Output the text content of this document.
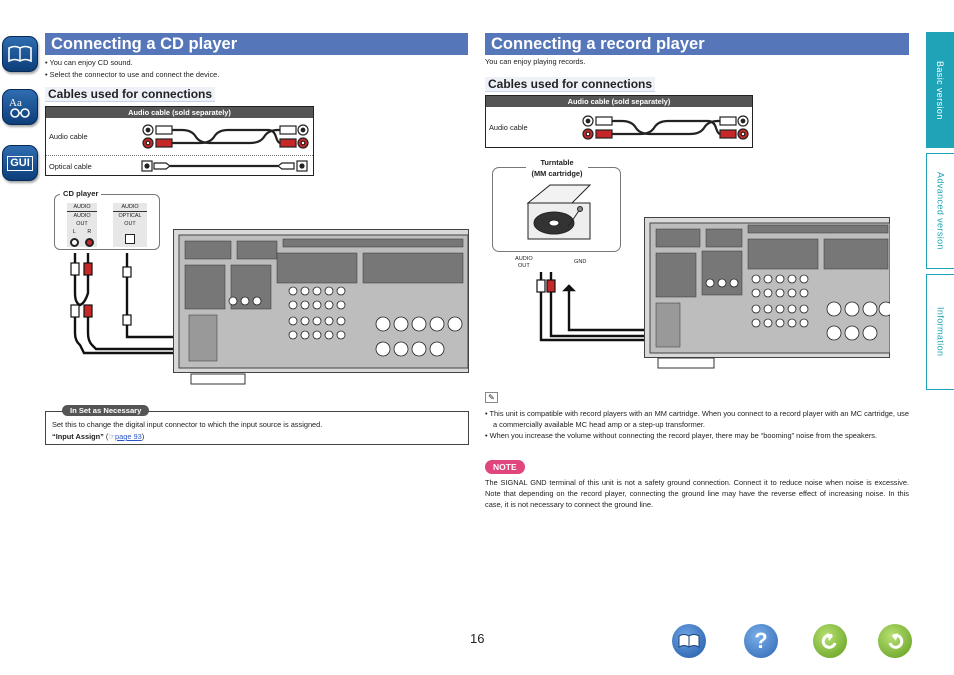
Aa
GUI
Basic version
Advanced version
Information
Connecting a CD player
• You can enjoy CD sound.
• Select the connector to use and connect the device.
Cables used for connections
Audio cable (sold separately)
Audio cable
Optical cable
CD player
AUDIO
AUDIO
OUT
L R
AUDIO
OPTICAL
OUT
In Set as Necessary
Set this to change the digital input connector to which the input source is assigned.
“Input Assign” (☞page 93)
Connecting a record player
You can enjoy playing records.
Cables used for connections
Audio cable (sold separately)
Audio cable
Turntable
(MM cartridge)
AUDIO
OUT
GND
✎
• This unit is compatible with record players with an MM cartridge. When you connect to a record player with an MC cartridge, use a commercially available MC head amp or a step-up transformer.
• When you increase the volume without connecting the record player, there may be “booming” noise from the speakers.
NOTE
The SIGNAL GND terminal of this unit is not a safety ground connection. Connect it to reduce noise when noise is excessive. Note that depending on the record player, connecting the ground line may have the reverse effect of increasing noise. In this case, it is not necessary to connect the ground line.
16	?
